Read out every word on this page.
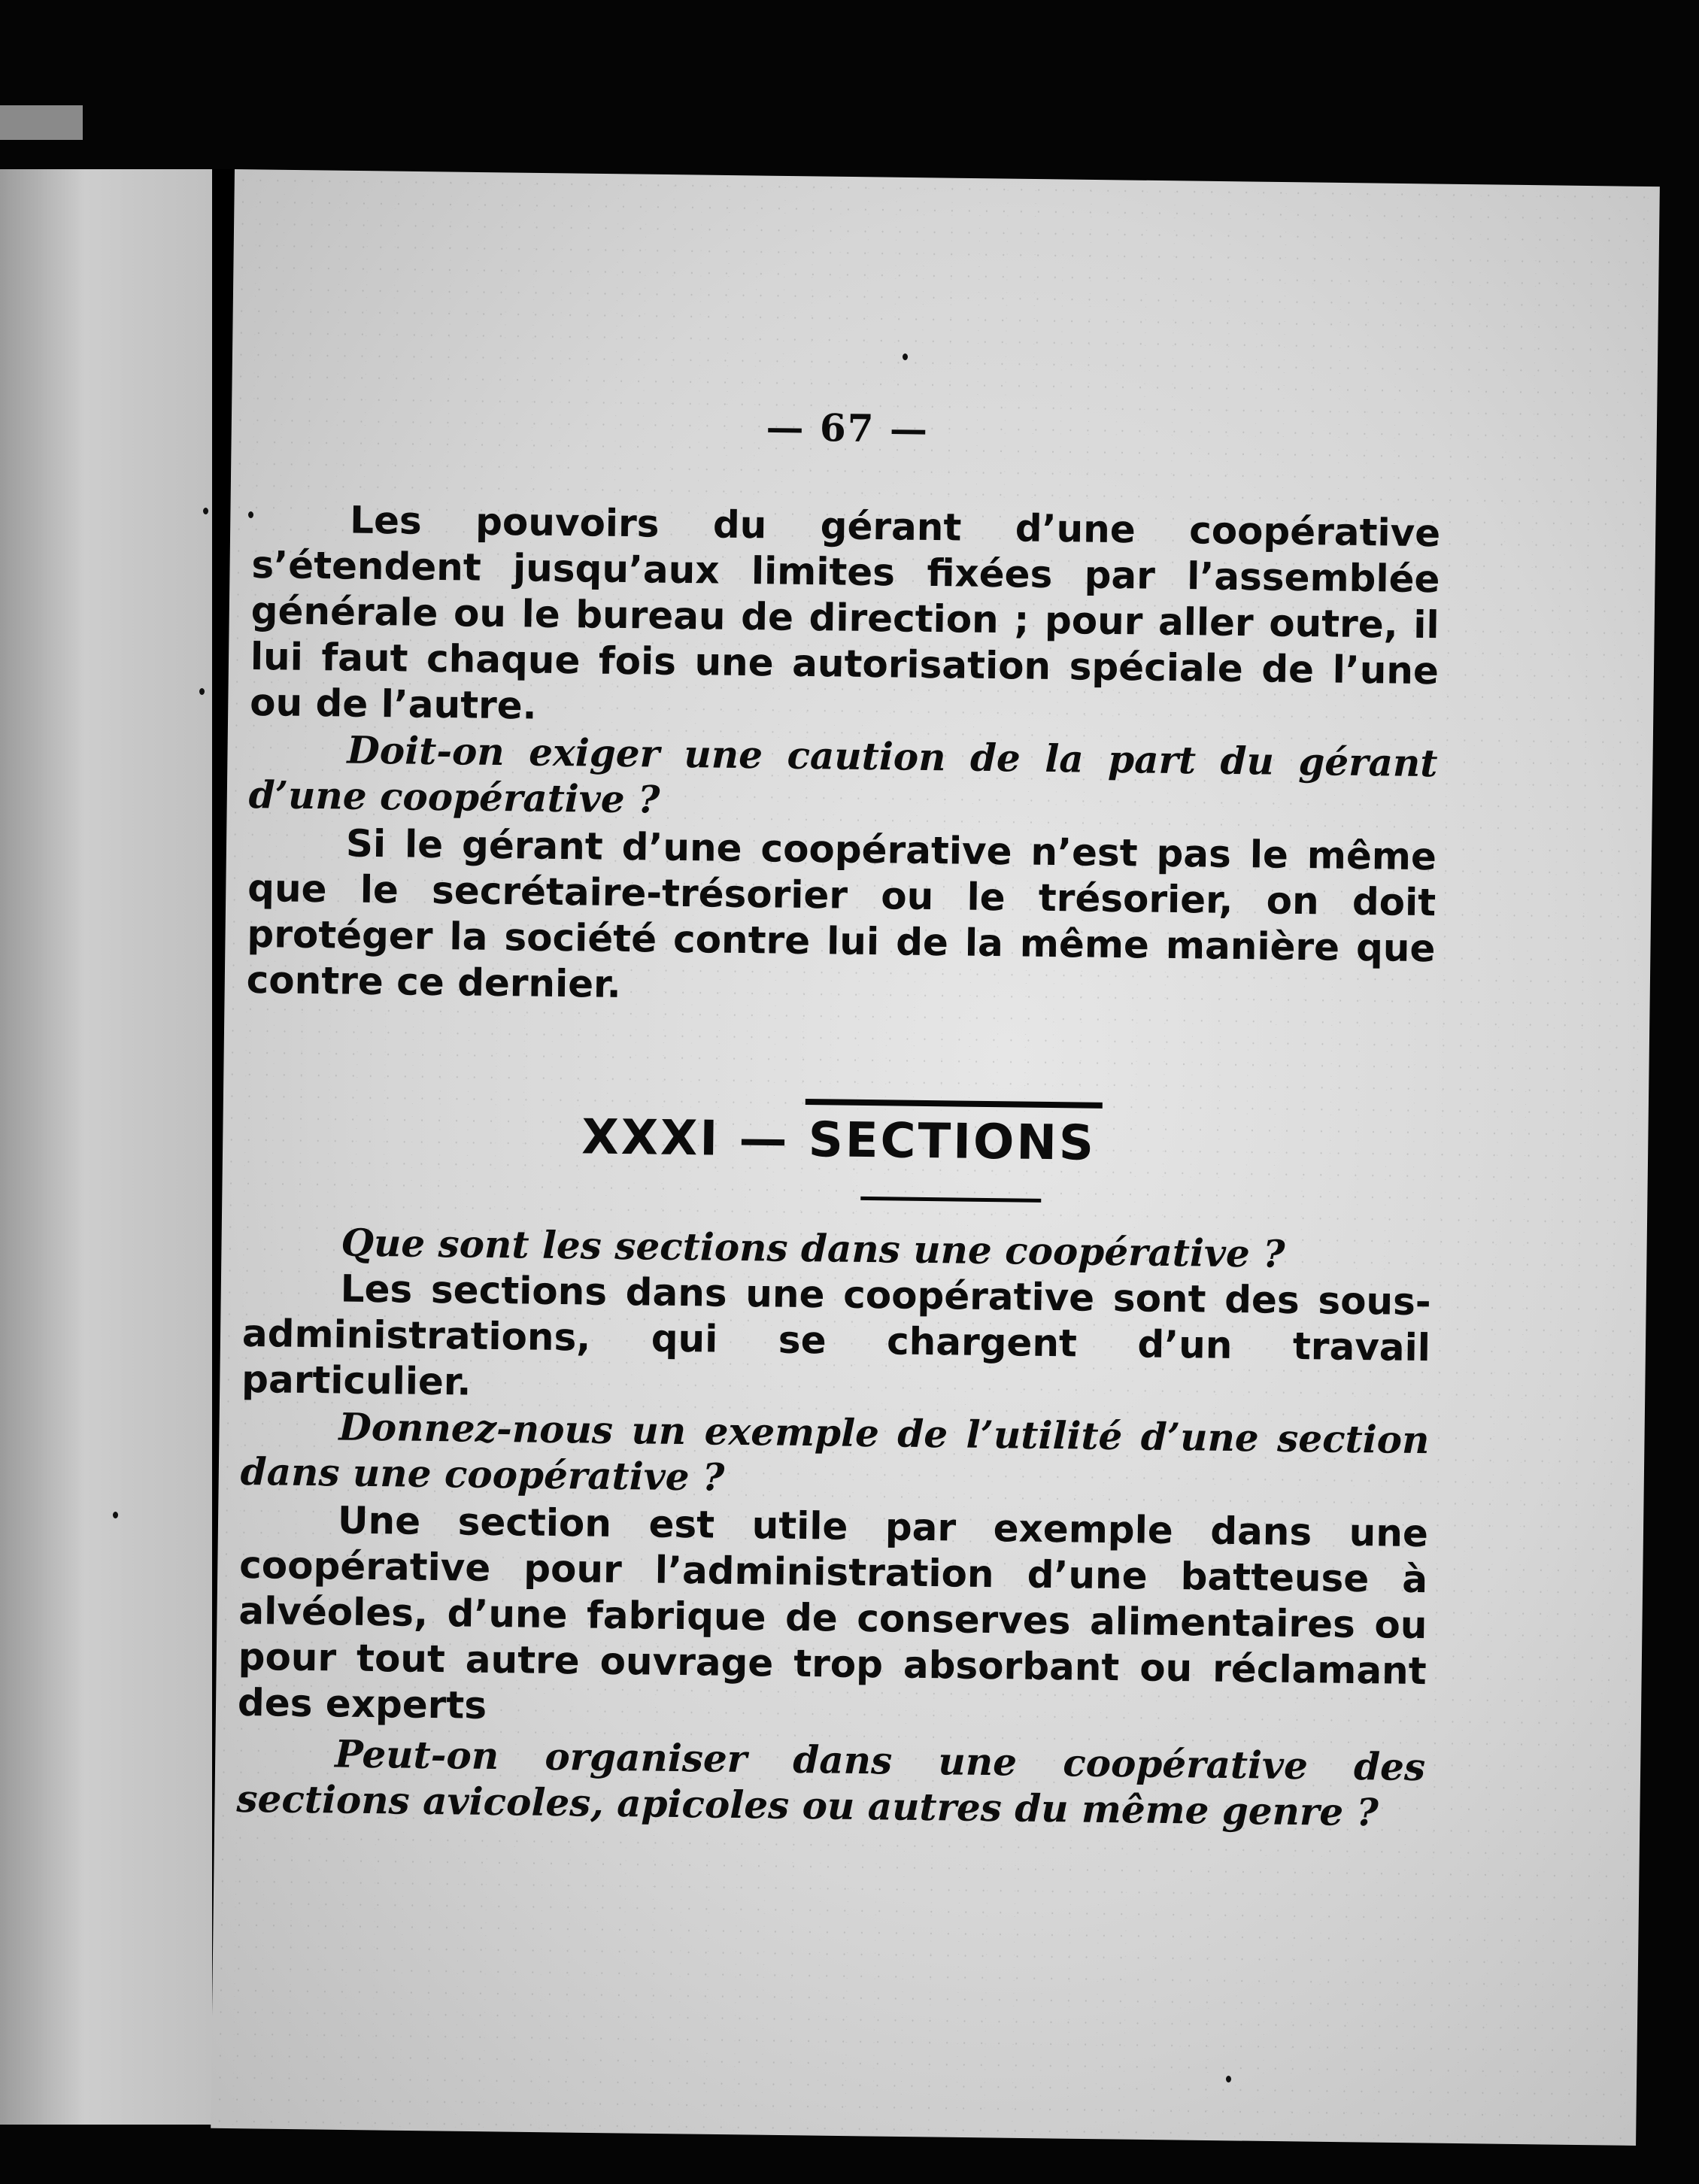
— 67 —

Les pouvoirs du gérant d’une coopérative s’étendent jusqu’aux limites fixées par l’assemblée générale ou le bureau de direction ; pour aller outre, il lui faut chaque fois une autorisation spéciale de l’une ou de l’autre.

Doit-on exiger une caution de la part du gérant d’une coopérative ?

Si le gérant d’une coopérative n’est pas le même que le secrétaire-trésorier ou le trésorier, on doit protéger la société contre lui de la même manière que contre ce dernier.

XXXI — SECTIONS

Que sont les sections dans une coopérative ?

Les sections dans une coopérative sont des sous-administrations, qui se chargent d’un travail particulier.

Donnez-nous un exemple de l’utilité d’une section dans une coopérative ?

Une section est utile par exemple dans une coopérative pour l’administration d’une batteuse à alvéoles, d’une fabrique de conserves alimentaires ou pour tout autre ouvrage trop absorbant ou réclamant des experts

Peut-on organiser dans une coopérative des sections avicoles, apicoles ou autres du même genre ?
